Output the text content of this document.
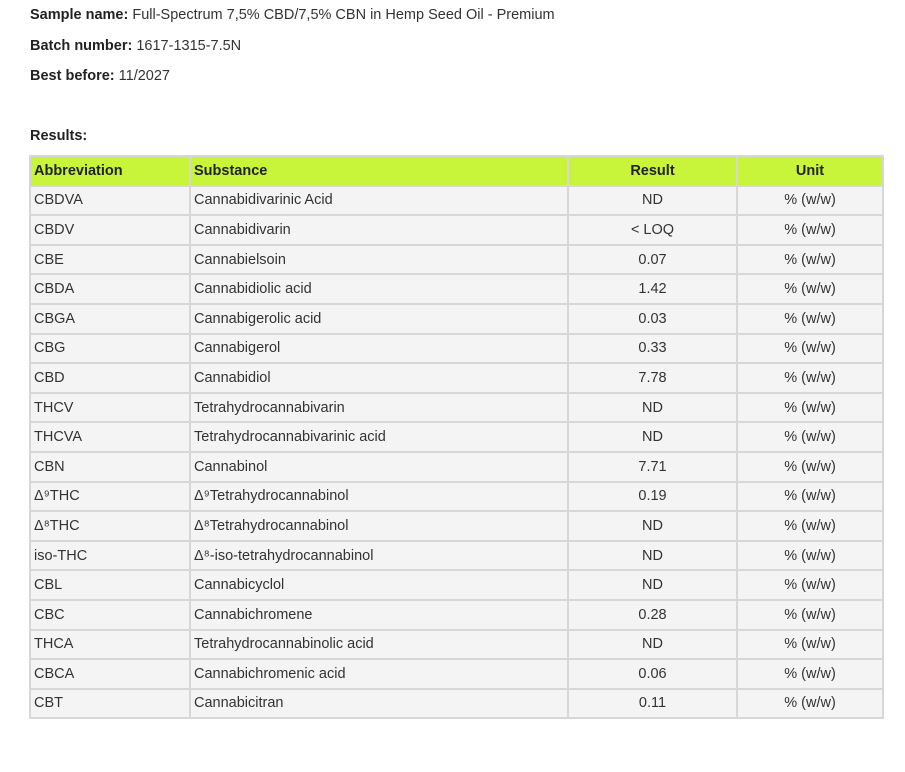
Sample name: Full-Spectrum 7,5% CBD/7,5% CBN in Hemp Seed Oil - Premium
Batch number: 1617-1315-7.5N
Best before: 11/2027
Results:
Abbreviation	Substance	Result	Unit
CBDVA	Cannabidivarinic Acid	ND	% (w/w)
CBDV	Cannabidivarin	< LOQ	% (w/w)
CBE	Cannabielsoin	0.07	% (w/w)
CBDA	Cannabidiolic acid	1.42	% (w/w)
CBGA	Cannabigerolic acid	0.03	% (w/w)
CBG	Cannabigerol	0.33	% (w/w)
CBD	Cannabidiol	7.78	% (w/w)
THCV	Tetrahydrocannabivarin	ND	% (w/w)
THCVA	Tetrahydrocannabivarinic acid	ND	% (w/w)
CBN	Cannabinol	7.71	% (w/w)
Δ⁹THC	Δ⁹Tetrahydrocannabinol	0.19	% (w/w)
Δ⁸THC	Δ⁸Tetrahydrocannabinol	ND	% (w/w)
iso-THC	Δ⁸-iso-tetrahydrocannabinol	ND	% (w/w)
CBL	Cannabicyclol	ND	% (w/w)
CBC	Cannabichromene	0.28	% (w/w)
THCA	Tetrahydrocannabinolic acid	ND	% (w/w)
CBCA	Cannabichromenic acid	0.06	% (w/w)
CBT	Cannabicitran	0.11	% (w/w)
